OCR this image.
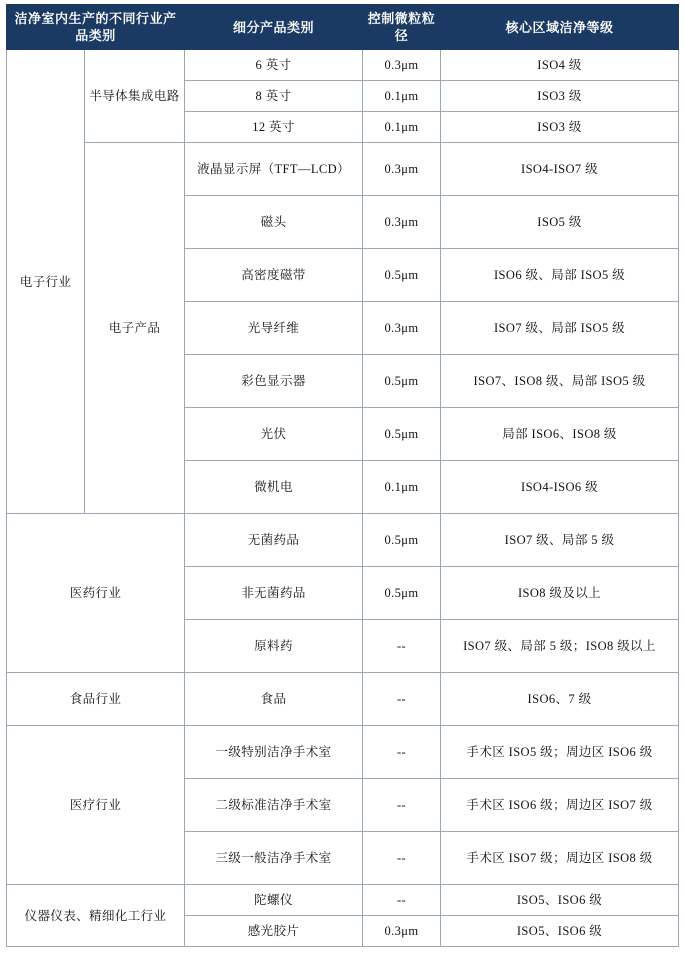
洁净室内生产的不同行业产品类别		细分产品类别	控制微粒粒径	核心区域洁净等级
电子行业	半导体集成电路	6 英寸	0.3μm	ISO4 级
		8 英寸	0.1μm	ISO3 级
		12 英寸	0.1μm	ISO3 级
	电子产品	液晶显示屏（TFT—LCD）	0.3μm	ISO4-ISO7 级
		磁头	0.3μm	ISO5 级
		高密度磁带	0.5μm	ISO6 级、局部 ISO5 级
		光导纤维	0.3μm	ISO7 级、局部 ISO5 级
		彩色显示器	0.5μm	ISO7、ISO8 级、局部 ISO5 级
		光伏	0.5μm	局部 ISO6、ISO8 级
		微机电	0.1μm	ISO4-ISO6 级
医药行业		无菌药品	0.5μm	ISO7 级、局部 5 级
		非无菌药品	0.5μm	ISO8 级及以上
		原料药	--	ISO7 级、局部 5 级；ISO8 级以上
食品行业		食品	--	ISO6、7 级
医疗行业		一级特别洁净手术室	--	手术区 ISO5 级；周边区 ISO6 级
		二级标准洁净手术室	--	手术区 ISO6 级；周边区 ISO7 级
		三级一般洁净手术室	--	手术区 ISO7 级；周边区 ISO8 级
仪器仪表、精细化工行业		陀螺仪	--	ISO5、ISO6 级
		感光胶片	0.3μm	ISO5、ISO6 级
